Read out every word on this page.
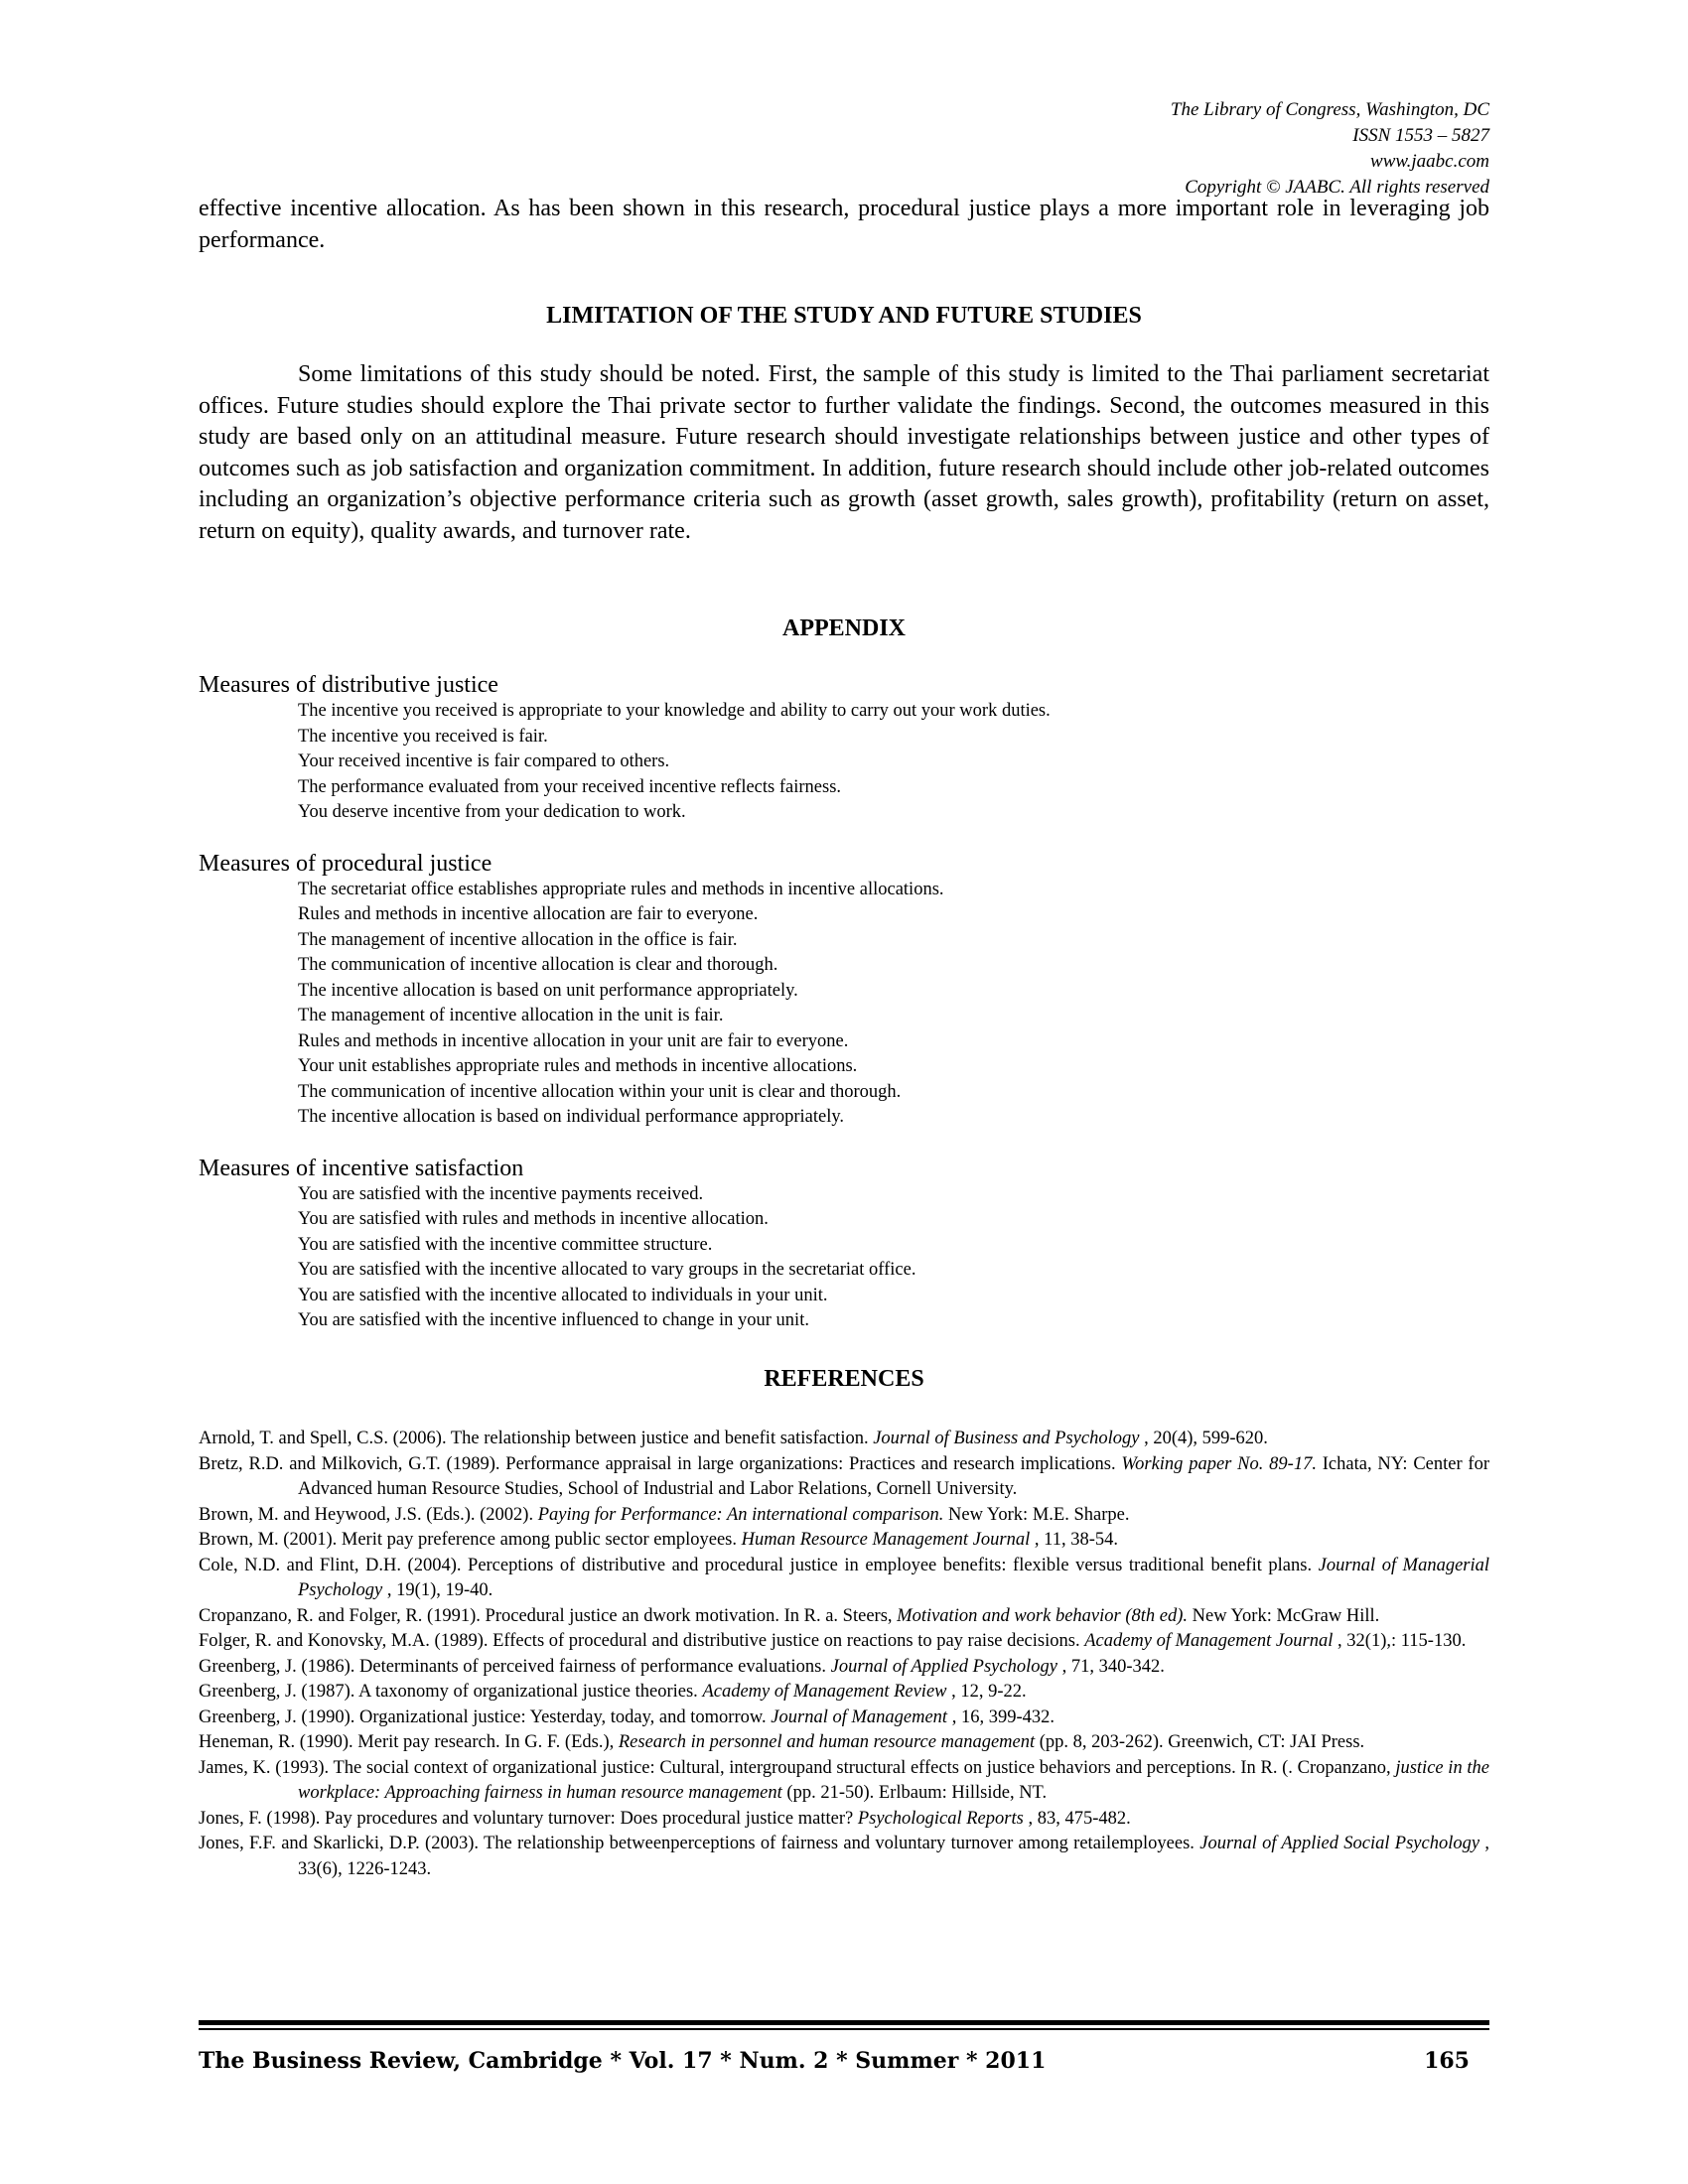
The Library of Congress, Washington, DC
ISSN 1553 – 5827
www.jaabc.com
Copyright © JAABC. All rights reserved

effective incentive allocation. As has been shown in this research, procedural justice plays a more important role in leveraging job performance.

LIMITATION OF THE STUDY AND FUTURE STUDIES

Some limitations of this study should be noted. First, the sample of this study is limited to the Thai parliament secretariat offices. Future studies should explore the Thai private sector to further validate the findings. Second, the outcomes measured in this study are based only on an attitudinal measure. Future research should investigate relationships between justice and other types of outcomes such as job satisfaction and organization commitment. In addition, future research should include other job-related outcomes including an organization’s objective performance criteria such as growth (asset growth, sales growth), profitability (return on asset, return on equity), quality awards, and turnover rate.

APPENDIX

Measures of distributive justice

The incentive you received is appropriate to your knowledge and ability to carry out your work duties.

The incentive you received is fair.

Your received incentive is fair compared to others.

The performance evaluated from your received incentive reflects fairness.

You deserve incentive from your dedication to work.

Measures of procedural justice

The secretariat office establishes appropriate rules and methods in incentive allocations.

Rules and methods in incentive allocation are fair to everyone.

The management of incentive allocation in the office is fair.

The communication of incentive allocation is clear and thorough.

The incentive allocation is based on unit performance appropriately.

The management of incentive allocation in the unit is fair.

Rules and methods in incentive allocation in your unit are fair to everyone.

Your unit establishes appropriate rules and methods in incentive allocations.

The communication of incentive allocation within your unit is clear and thorough.

The incentive allocation is based on individual performance appropriately.

Measures of incentive satisfaction

You are satisfied with the incentive payments received.

You are satisfied with rules and methods in incentive allocation.

You are satisfied with the incentive committee structure.

You are satisfied with the incentive allocated to vary groups in the secretariat office.

You are satisfied with the incentive allocated to individuals in your unit.

You are satisfied with the incentive influenced to change in your unit.

REFERENCES

Arnold, T. and Spell, C.S. (2006). The relationship between justice and benefit satisfaction. Journal of Business and Psychology , 20(4), 599-620.

Bretz, R.D. and Milkovich, G.T. (1989). Performance appraisal in large organizations: Practices and research implications. Working paper No. 89-17. Ichata, NY: Center for Advanced human Resource Studies, School of Industrial and Labor Relations, Cornell University.

Brown, M. and Heywood, J.S. (Eds.). (2002). Paying for Performance: An international comparison. New York: M.E. Sharpe.

Brown, M. (2001). Merit pay preference among public sector employees. Human Resource Management Journal , 11, 38-54.

Cole, N.D. and Flint, D.H. (2004). Perceptions of distributive and procedural justice in employee benefits: flexible versus traditional benefit plans. Journal of Managerial Psychology , 19(1), 19-40.

Cropanzano, R. and Folger, R. (1991). Procedural justice an dwork motivation. In R. a. Steers, Motivation and work behavior (8th ed). New York: McGraw Hill.

Folger, R. and Konovsky, M.A. (1989). Effects of procedural and distributive justice on reactions to pay raise decisions. Academy of Management Journal , 32(1),: 115-130.

Greenberg, J. (1986). Determinants of perceived fairness of performance evaluations. Journal of Applied Psychology , 71, 340-342.

Greenberg, J. (1987). A taxonomy of organizational justice theories. Academy of Management Review , 12, 9-22.

Greenberg, J. (1990). Organizational justice: Yesterday, today, and tomorrow. Journal of Management , 16, 399-432.

Heneman, R. (1990). Merit pay research. In G. F. (Eds.), Research in personnel and human resource management (pp. 8, 203-262). Greenwich, CT: JAI Press.

James, K. (1993). The social context of organizational justice: Cultural, intergroupand structural effects on justice behaviors and perceptions. In R. (. Cropanzano, justice in the workplace: Approaching fairness in human resource management (pp. 21-50). Erlbaum: Hillside, NT.

Jones, F. (1998). Pay procedures and voluntary turnover: Does procedural justice matter? Psychological Reports , 83, 475-482.

Jones, F.F. and Skarlicki, D.P. (2003). The relationship betweenperceptions of fairness and voluntary turnover among retailemployees. Journal of Applied Social Psychology , 33(6), 1226-1243.

The Business Review, Cambridge * Vol. 17 * Num. 2 * Summer * 2011	165
